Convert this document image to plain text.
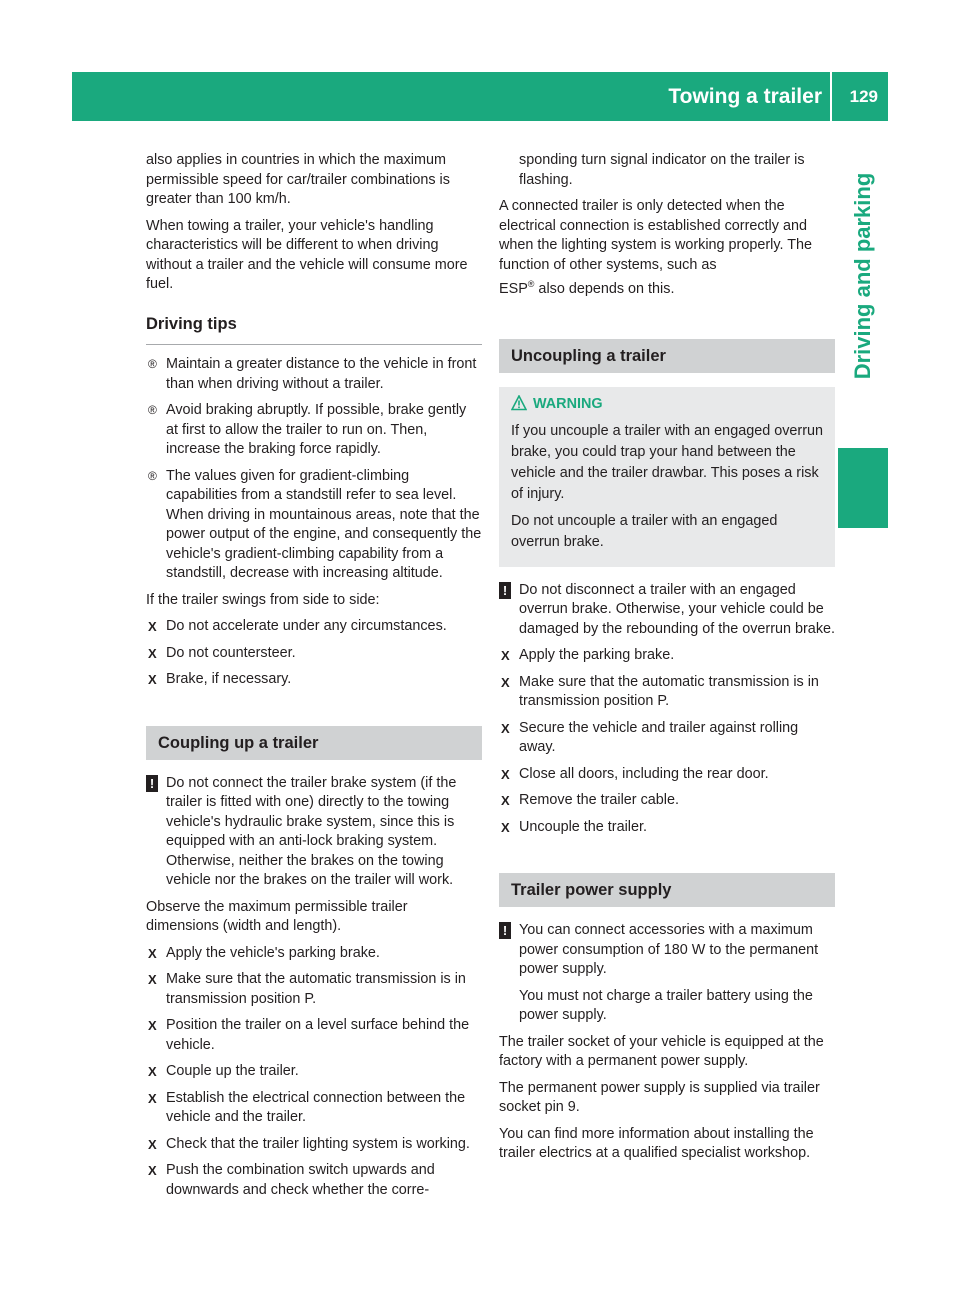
Towing a trailer 129
Driving and parking

also applies in countries in which the maximum permissible speed for car/trailer combinations is greater than 100 km/h.

When towing a trailer, your vehicle's handling characteristics will be different to when driving without a trailer and the vehicle will consume more fuel.

Driving tips
® Maintain a greater distance to the vehicle in front than when driving without a trailer.
® Avoid braking abruptly. If possible, brake gently at first to allow the trailer to run on. Then, increase the braking force rapidly.
® The values given for gradient-climbing capabilities from a standstill refer to sea level. When driving in mountainous areas, note that the power output of the engine, and consequently the vehicle's gradient-climbing capability from a standstill, decrease with increasing altitude.

If the trailer swings from side to side:

X Do not accelerate under any circumstances.
X Do not countersteer.
X Brake, if necessary.
Coupling up a trailer
! Do not connect the trailer brake system (if the trailer is fitted with one) directly to the towing vehicle's hydraulic brake system, since this is equipped with an anti-lock braking system. Otherwise, neither the brakes on the towing vehicle nor the brakes on the trailer will work.

Observe the maximum permissible trailer dimensions (width and length).

X Apply the vehicle's parking brake.
X Make sure that the automatic transmission is in transmission position P.
X Position the trailer on a level surface behind the vehicle.
X Couple up the trailer.
X Establish the electrical connection between the vehicle and the trailer.
X Check that the trailer lighting system is working.
X Push the combination switch upwards and downwards and check whether the corre-

sponding turn signal indicator on the trailer is flashing.

A connected trailer is only detected when the electrical connection is established correctly and when the lighting system is working properly. The function of other systems, such as

ESP® also depends on this.

Uncoupling a trailer
WARNING

If you uncouple a trailer with an engaged overrun brake, you could trap your hand between the vehicle and the trailer drawbar. This poses a risk of injury.

Do not uncouple a trailer with an engaged overrun brake.

! Do not disconnect a trailer with an engaged overrun brake. Otherwise, your vehicle could be damaged by the rebounding of the overrun brake.
X Apply the parking brake.
X Make sure that the automatic transmission is in transmission position P.
X Secure the vehicle and trailer against rolling away.
X Close all doors, including the rear door.
X Remove the trailer cable.
X Uncouple the trailer.
Trailer power supply
! You can connect accessories with a maximum power consumption of 180 W to the permanent power supply.

You must not charge a trailer battery using the power supply.

The trailer socket of your vehicle is equipped at the factory with a permanent power supply.

The permanent power supply is supplied via trailer socket pin 9.

You can find more information about installing the trailer electrics at a qualified specialist workshop.
